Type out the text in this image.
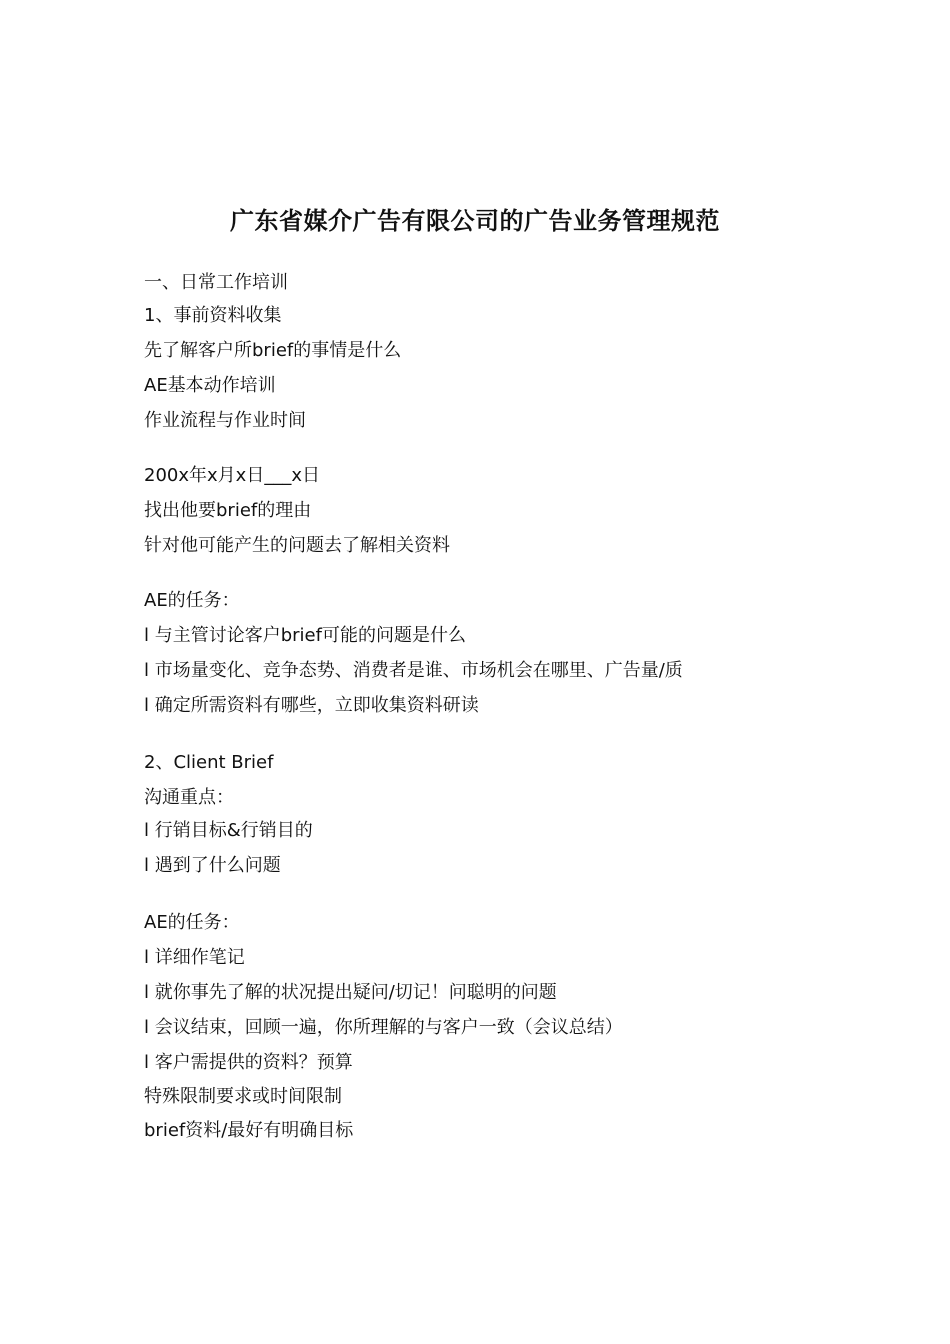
广东省媒介广告有限公司的广告业务管理规范
一、日常工作培训
1、事前资料收集
先了解客户所brief的事情是什么
AE基本动作培训
作业流程与作业时间
200x年x月x日___x日
找出他要brief的理由
针对他可能产生的问题去了解相关资料
AE的任务：
l 与主管讨论客户brief可能的问题是什么
l 市场量变化、竞争态势、消费者是谁、市场机会在哪里、广告量/质
l 确定所需资料有哪些，立即收集资料研读
2、Client Brief
沟通重点：
l 行销目标&行销目的
l 遇到了什么问题
AE的任务：
l 详细作笔记
l 就你事先了解的状况提出疑问/切记！问聪明的问题
l 会议结束，回顾一遍，你所理解的与客户一致（会议总结）
l 客户需提供的资料？预算
特殊限制要求或时间限制
brief资料/最好有明确目标
